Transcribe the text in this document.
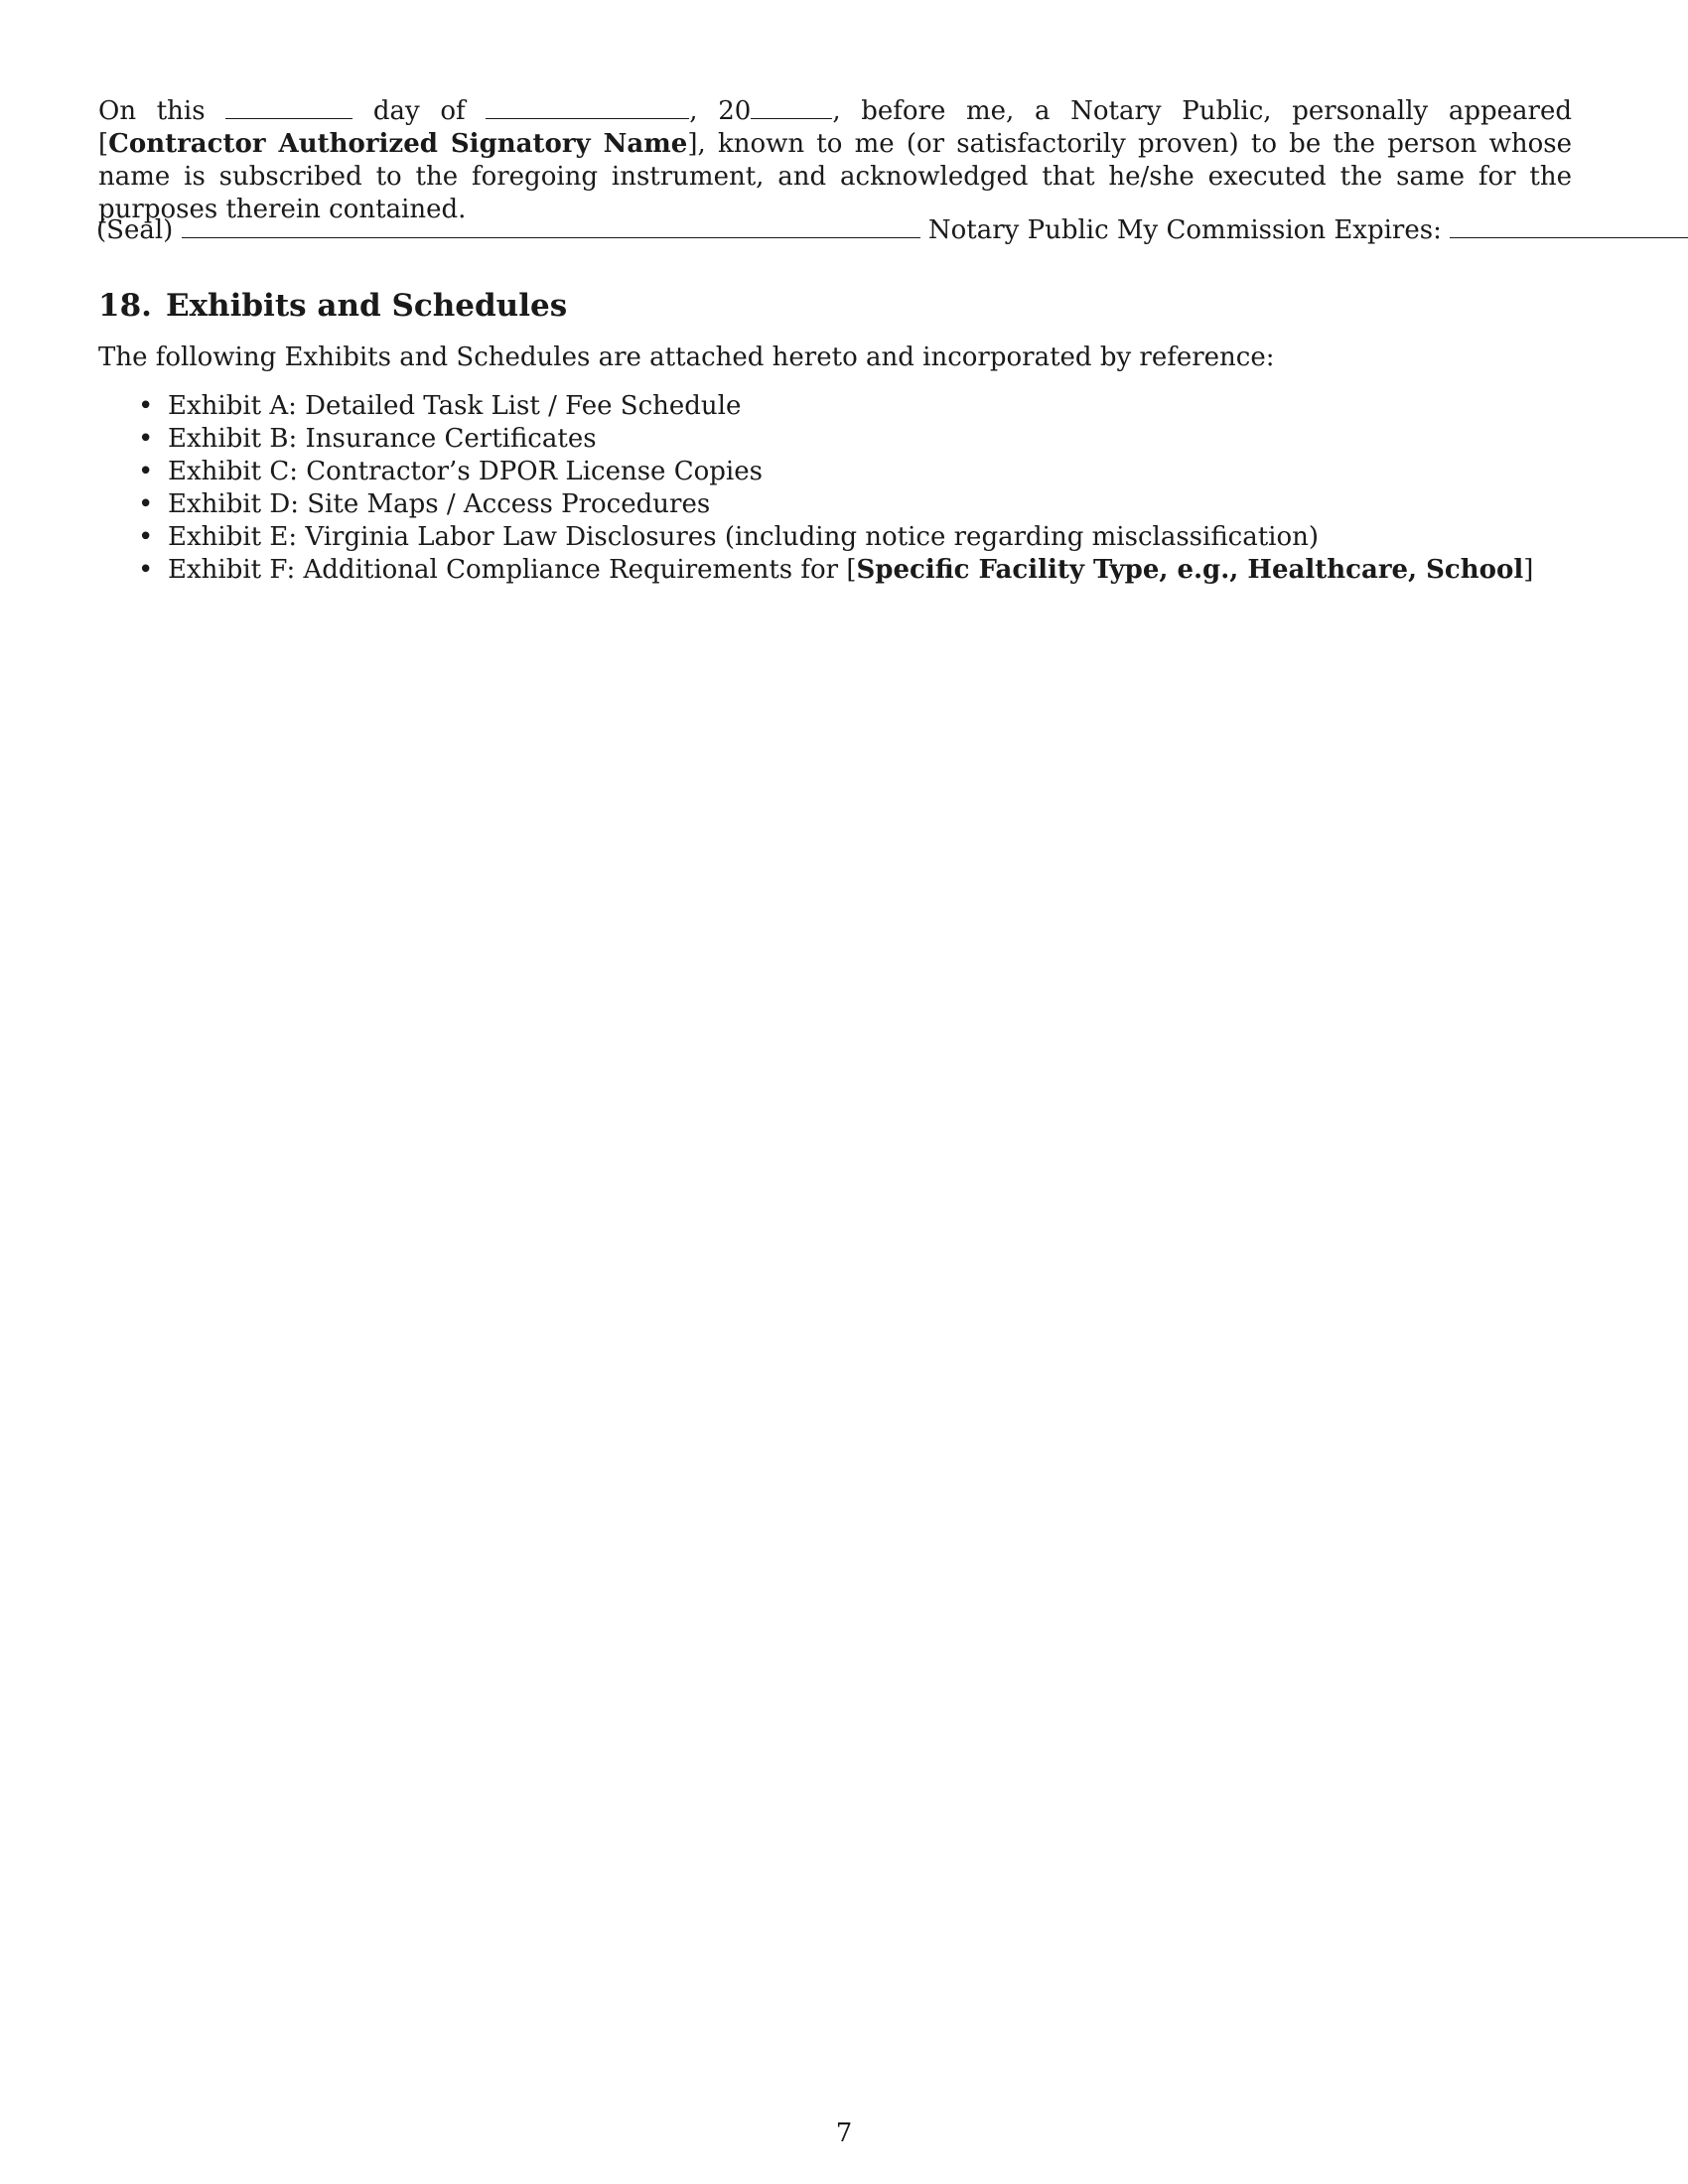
On this	day of	, 20	, before me, a Notary Public, personally appeared [Contractor Authorized Signatory Name], known to me (or satisfactorily proven) to be the person whose name is subscribed to the foregoing instrument, and acknowledged that he/she executed the same for the purposes therein contained.

(Seal)	Notary Public My Commission Expires:
18. Exhibits and Schedules

The following Exhibits and Schedules are attached hereto and incorporated by reference:

• Exhibit A: Detailed Task List / Fee Schedule
• Exhibit B: Insurance Certificates
• Exhibit C: Contractor’s DPOR License Copies
• Exhibit D: Site Maps / Access Procedures
• Exhibit E: Virginia Labor Law Disclosures (including notice regarding misclassification)
• Exhibit F: Additional Compliance Requirements for [Specific Facility Type, e.g., Healthcare, School]
7
